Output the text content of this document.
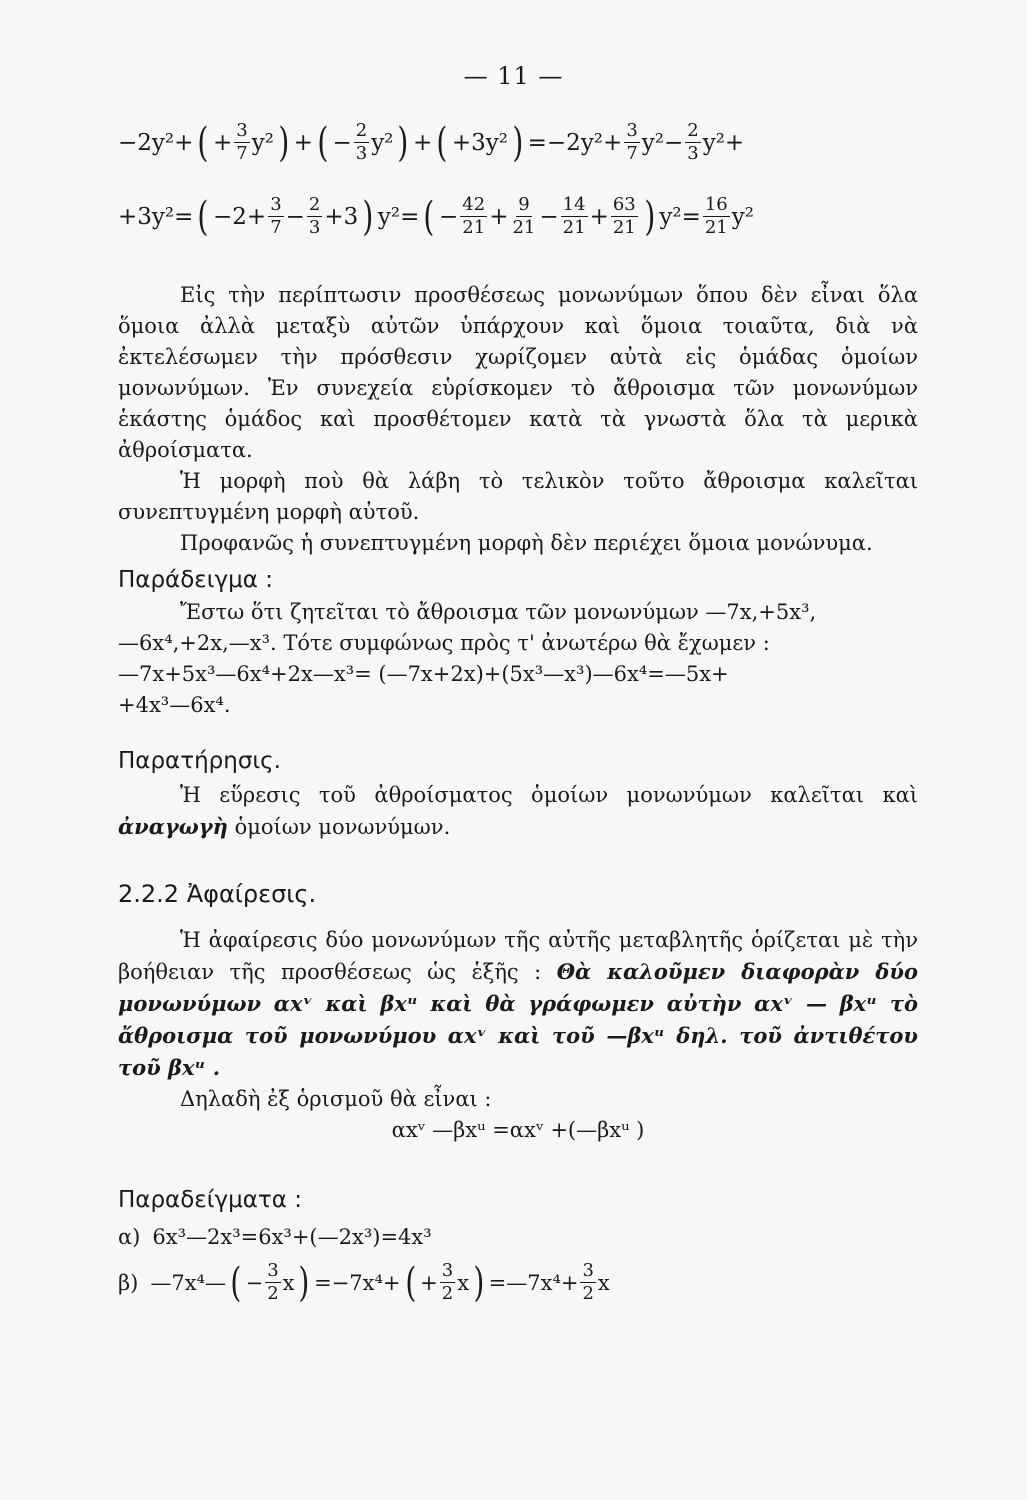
— 11 —
−2y²+ ( + $\frac{3}{7} y^2$ ) + ( − $\frac{2}{3} y^2$ ) + ( +3y² ) $=-2y^2+ \frac{3}{7} y^2- \frac{2}{3} y^2+$
+3y²= ( $-2+ \frac{3}{7} - \frac{2}{3} +3$ ) y²= ( − $\frac{42}{21} + \frac{9}{21} - \frac{14}{21} + \frac{63}{21}$ ) $y^2= \frac{16}{21} y^2$

Εἰς τὴν περίπτωσιν προσθέσεως μονωνύμων ὅπου δὲν εἶναι ὅλα ὅμοια ἀλλὰ μεταξὺ αὐτῶν ὑπάρχουν καὶ ὅμοια τοιαῦτα, διὰ νὰ ἐκτελέσωμεν τὴν πρόσθεσιν χωρίζομεν αὐτὰ εἰς ὁμάδας ὁμοίων μονωνύμων. Ἐν συνεχεία εὑρίσκομεν τὸ ἄθροισμα τῶν μονωνύμων ἑκάστης ὁμάδος καὶ προσθέτομεν κατὰ τὰ γνωστὰ ὅλα τὰ μερικὰ ἀθροίσματα.

Ἡ μορφὴ ποὺ θὰ λάβη τὸ τελικὸν τοῦτο ἄθροισμα καλεῖται συνεπτυγμένη μορφὴ αὐτοῦ.

Προφανῶς ἡ συνεπτυγμένη μορφὴ δὲν περιέχει ὅμοια μονώνυμα.

Παράδειγμα :

Ἔστω ὅτι ζητεῖται τὸ ἄθροισμα τῶν μονωνύμων —7x,+5x³,

—6x⁴,+2x,—x³. Τότε συμφώνως πρὸς τ' ἀνωτέρω θὰ ἔχωμεν :

—7x+5x³—6x⁴+2x—x³= (—7x+2x)+(5x³—x³)—6x⁴=—5x+

+4x³—6x⁴.

Παρατήρησις.

Ἡ εὕρεσις τοῦ ἀθροίσματος ὁμοίων μονωνύμων καλεῖται καὶ ἀναγωγὴ ὁμοίων μονωνύμων.

2.2.2 Ἀφαίρεσις.

Ἡ ἀφαίρεσις δύο μονωνύμων τῆς αὐτῆς μεταβλητῆς ὁρίζεται μὲ τὴν βοήθειαν τῆς προσθέσεως ὡς ἑξῆς : Θὰ καλοῦμεν διαφορὰν δύο μονωνύμων αxᵛ καὶ βxᵘ καὶ θὰ γράφωμεν αὐτὴν αxᵛ — βxᵘ τὸ ἄθροισμα τοῦ μονωνύμου αxᵛ καὶ τοῦ —βxᵘ δηλ. τοῦ ἀντιθέτου τοῦ βxᵘ .

Δηλαδὴ ἐξ ὁρισμοῦ θὰ εἶναι :

αxᵛ —βxᵘ =αxᵛ +(—βxᵘ )

Παραδείγματα :
α) 6x³—2x³=6x³+(—2x³)=4x³
β) —7x⁴— ( − $\frac{3}{2}$ x ) =−7x⁴+ ( + $\frac{3}{2}$ x ) =—7x⁴+ $\frac{3}{2}$ x
